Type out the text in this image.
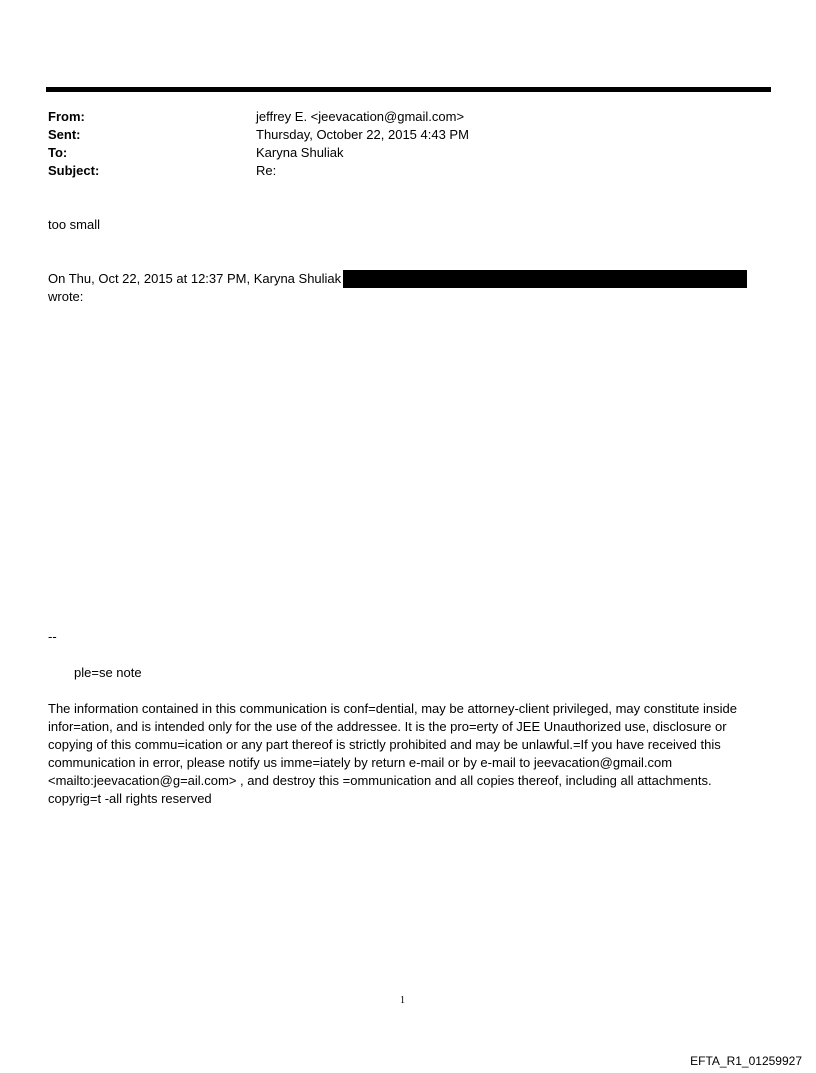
From:	jeffrey E. <jeevacation@gmail.com>
Sent:	Thursday, October 22, 2015 4:43 PM
To:	Karyna Shuliak
Subject:	Re:
too small
On Thu, Oct 22, 2015 at 12:37 PM, Karyna Shuliak
wrote:
--
ple=se note
The information contained in this communication is conf=dential, may be attorney-client privileged, may constitute inside infor=ation, and is intended only for the use of the addressee. It is the pro=erty of JEE Unauthorized use, disclosure or copying of this commu=ication or any part thereof is strictly prohibited and may be unlawful.=If you have received this communication in error, please notify us imme=iately by return e-mail or by e-mail to jeevacation@gmail.com <mailto:jeevacation@g=ail.com> , and destroy this =ommunication and all copies thereof, including all attachments. copyrig=t -all rights reserved
1
EFTA_R1_01259927
